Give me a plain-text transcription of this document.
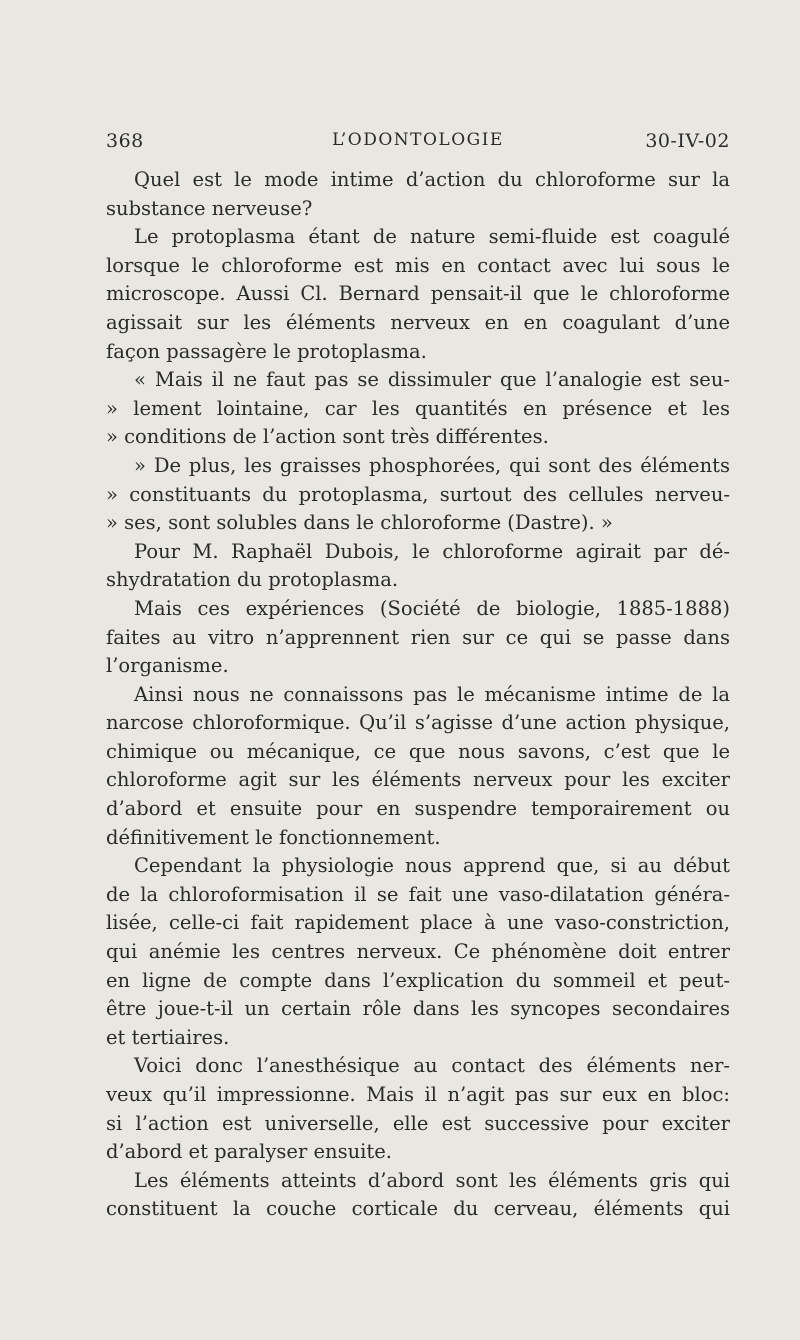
368	L’ODONTOLOGIE	30-IV-02
Quel est le mode intime d’action du chloroforme sur la
substance nerveuse?
Le protoplasma étant de nature semi-fluide est coagulé
lorsque le chloroforme est mis en contact avec lui sous le
microscope. Aussi Cl. Bernard pensait-il que le chloroforme
agissait sur les éléments nerveux en en coagulant d’une
façon passagère le protoplasma.
« Mais il ne faut pas se dissimuler que l’analogie est seu-
» lement lointaine, car les quantités en présence et les
» conditions de l’action sont très différentes.
» De plus, les graisses phosphorées, qui sont des éléments
» constituants du protoplasma, surtout des cellules nerveu-
» ses, sont solubles dans le chloroforme (Dastre). »
Pour M. Raphaël Dubois, le chloroforme agirait par dé-
shydratation du protoplasma.
Mais ces expériences (Société de biologie, 1885-1888)
faites au vitro n’apprennent rien sur ce qui se passe dans
l’organisme.
Ainsi nous ne connaissons pas le mécanisme intime de la
narcose chloroformique. Qu’il s’agisse d’une action physique,
chimique ou mécanique, ce que nous savons, c’est que le
chloroforme agit sur les éléments nerveux pour les exciter
d’abord et ensuite pour en suspendre temporairement ou
définitivement le fonctionnement.
Cependant la physiologie nous apprend que, si au début
de la chloroformisation il se fait une vaso-dilatation généra-
lisée, celle-ci fait rapidement place à une vaso-constriction,
qui anémie les centres nerveux. Ce phénomène doit entrer
en ligne de compte dans l’explication du sommeil et peut-
être joue-t-il un certain rôle dans les syncopes secondaires
et tertiaires.
Voici donc l’anesthésique au contact des éléments ner-
veux qu’il impressionne. Mais il n’agit pas sur eux en bloc:
si l’action est universelle, elle est successive pour exciter
d’abord et paralyser ensuite.
Les éléments atteints d’abord sont les éléments gris qui
constituent la couche corticale du cerveau, éléments qui
